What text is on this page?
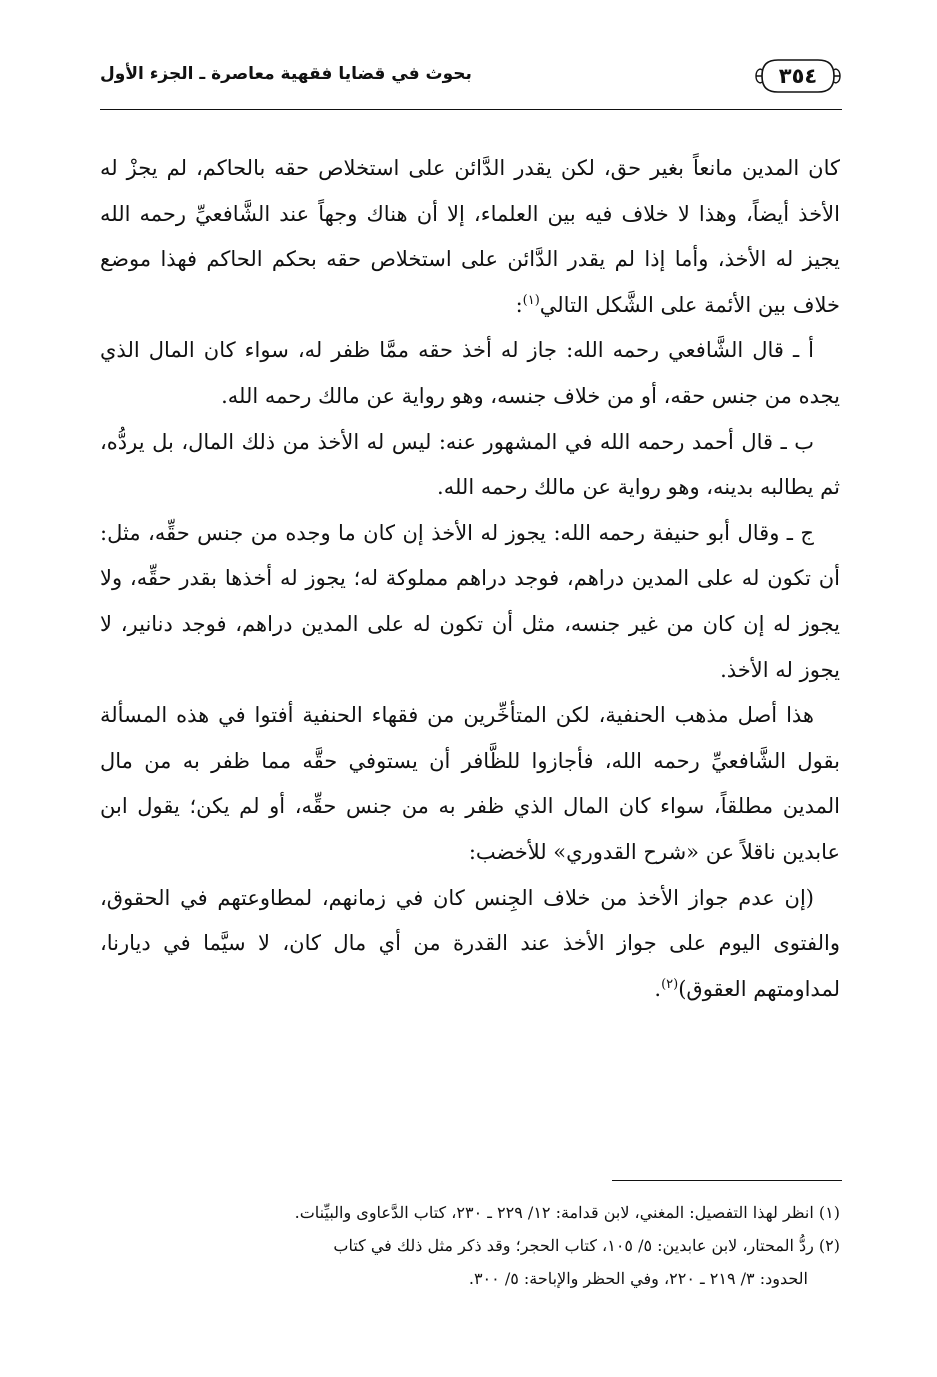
٣٥٤
بحوث في قضايا فقهية معاصرة ـ الجزء الأول

كان المدين مانعاً بغير حق، لكن يقدر الدَّائن على استخلاص حقه بالحاكم، لم يجزْ له الأخذ أيضاً، وهذا لا خلاف فيه بين العلماء، إلا أن هناك وجهاً عند الشَّافعيِّ رحمه الله يجيز له الأخذ، وأما إذا لم يقدر الدَّائن على استخلاص حقه بحكم الحاكم فهذا موضع خلاف بين الأئمة على الشَّكل التالي$^{(١)}$:

أ ـ قال الشَّافعي رحمه الله: جاز له أخذ حقه ممَّا ظفر له، سواء كان المال الذي يجده من جنس حقه، أو من خلاف جنسه، وهو رواية عن مالك رحمه الله.

ب ـ قال أحمد رحمه الله في المشهور عنه: ليس له الأخذ من ذلك المال، بل يردُّه، ثم يطالبه بدينه، وهو رواية عن مالك رحمه الله.

ج ـ وقال أبو حنيفة رحمه الله: يجوز له الأخذ إن كان ما وجده من جنس حقِّه، مثل: أن تكون له على المدين دراهم، فوجد دراهم مملوكة له؛ يجوز له أخذها بقدر حقِّه، ولا يجوز له إن كان من غير جنسه، مثل أن تكون له على المدين دراهم، فوجد دنانير، لا يجوز له الأخذ.

هذا أصل مذهب الحنفية، لكن المتأخِّرين من فقهاء الحنفية أفتوا في هذه المسألة بقول الشَّافعيِّ رحمه الله، فأجازوا للظَّافر أن يستوفي حقَّه مما ظفر به من مال المدين مطلقاً، سواء كان المال الذي ظفر به من جنس حقِّه، أو لم يكن؛ يقول ابن عابدين ناقلاً عن «شرح القدوري» للأخضب:

(إن عدم جواز الأخذ من خلاف الجِنس كان في زمانهم، لمطاوعتهم في الحقوق، والفتوى اليوم على جواز الأخذ عند القدرة من أي مال كان، لا سيَّما في ديارنا، لمداومتهم العقوق)$^{(٢)}$.

(١) انظر لهذا التفصيل: المغني، لابن قدامة: ١٢/ ٢٢٩ ـ ٢٣٠، كتاب الدَّعاوى والبيِّنات.

(٢) ردُّ المحتار، لابن عابدين: ٥/ ١٠٥، كتاب الحجر؛ وقد ذكر مثل ذلك في كتاب

الحدود: ٣/ ٢١٩ ـ ٢٢٠، وفي الحظر والإباحة: ٥/ ٣٠٠.
